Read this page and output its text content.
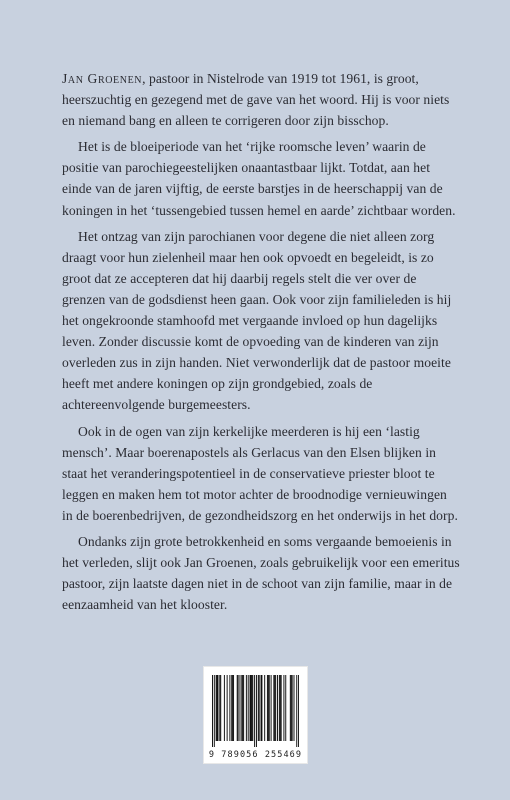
Jan Groenen, pastoor in Nistelrode van 1919 tot 1961, is groot, heerszuchtig en gezegend met de gave van het woord. Hij is voor niets en niemand bang en alleen te corrigeren door zijn bisschop.

Het is de bloeiperiode van het ‘rijke roomsche leven’ waarin de positie van parochiegeestelijken onaantastbaar lijkt. Totdat, aan het einde van de jaren vijftig, de eerste barstjes in de heerschappij van de koningen in het ‘tussengebied tussen hemel en aarde’ zichtbaar worden.

Het ontzag van zijn parochianen voor degene die niet alleen zorg draagt voor hun zielenheil maar hen ook opvoedt en begeleidt, is zo groot dat ze accepteren dat hij daarbij regels stelt die ver over de grenzen van de godsdienst heen gaan. Ook voor zijn familieleden is hij het ongekroonde stamhoofd met vergaande invloed op hun dagelijks leven. Zonder discussie komt de opvoeding van de kinderen van zijn overleden zus in zijn handen. Niet verwonderlijk dat de pastoor moeite heeft met andere koningen op zijn grondgebied, zoals de achtereenvolgende burgemeesters.

Ook in de ogen van zijn kerkelijke meerderen is hij een ‘lastig mensch’. Maar boerenapostels als Gerlacus van den Elsen blijken in staat het veranderingspotentieel in de conservatieve priester bloot te leggen en maken hem tot motor achter de broodnodige vernieuwingen in de boerenbedrijven, de gezondheidszorg en het onderwijs in het dorp.

Ondanks zijn grote betrokkenheid en soms vergaande bemoeienis in het verleden, slijt ook Jan Groenen, zoals gebruikelijk voor een emeritus pastoor, zijn laatste dagen niet in de schoot van zijn familie, maar in de eenzaamheid van het klooster.

9 789056 255469
